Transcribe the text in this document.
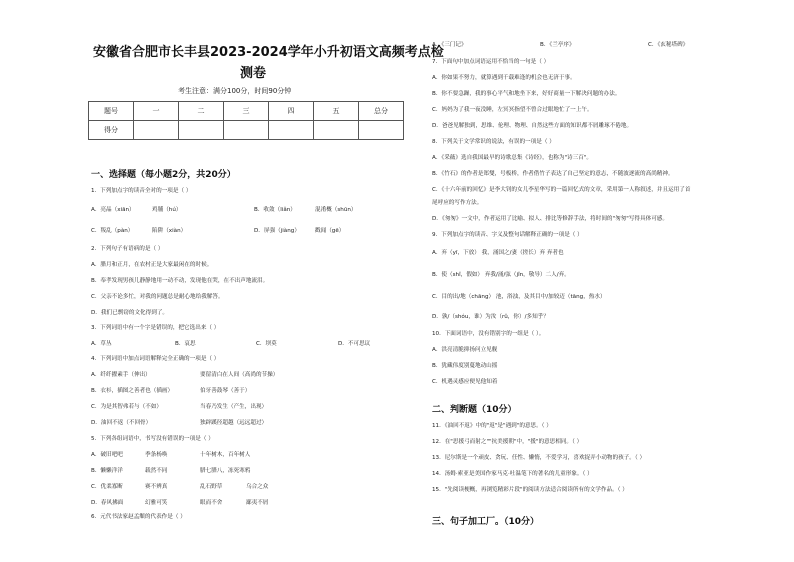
安徽省合肥市长丰县2023-2024学年小升初语文高频考点检
测卷
考生注意：满分100分，时间90分钟
题号	一	二	三	四	五	总分
得分						
一、选择题（每小题2分，共20分）
1．下列加点字的读音全对的一项是（ ）
A．亮晶（xiān）	鸡脯（hú）	B．收敛（liǎn）	混淆概（shūn）
C．叛乱（pàn）	陷阱（xiàn）	D．屏强（jiàng）	戳闻（gē）
2．下列句子有语病的是（ ）
A．腊月和正月，在农村正是大家最闲在的时候。
B．奉孝发现男孩儿静静地用一动不动，发现他在哭，在不出声地流泪。
C．父亲不论多忙，对我的问题总是耐心地给我解答。
D．我们已剽窃的文化得到了。
3．下列词语中有一个字是错误的，把它选出来（ ）
A．草丛	B．哀思	C．坝莫	D．不可思议
4．下列词语中加点词语解释完全正确的一项是（ ）
A．纤纤擢素手（伸出）	要留清白在人间（高尚的节操）
B．衣衫，插图之善者也（插画）	伯牙善鼓琴（善于）
C．为是其智弗若与（不如）	当春乃发生（产生，出现）
D．油回不返（不回骨）	独辟蹊径超越（远远超过）
5．下列各组词语中，书写没有错误的一项是（ ）
A．破旧吧吧	季条杨唤	十年树木，百年树人
B．懒懒洋洋	载然不同	腊七腊八，冻死寒鸦
C．优柔寡断	赛不辨真	乱石野草	乌合之众
D．春风拂面	幻雅可笑	眼而不舍	鄙夷不屑
6．元代书法家赵孟頫的代表作是（ ）
A．《三门记》	B．《兰亭序》	C．《玄秘塔碑》
7．下面句中加点词语运用不恰当的一句是（ ）
A．你如果不努力，就算遇到千载难逢的机会也无济于事。
B．你不要急躁，我的事心平气和地坐下来，好好商量一下解决问题的办法。
C．妈妈为了我一夜没睡，左冥冥指望不曾合过眼地忙了一上午。
D．爸爸见解独到，思维、伦理、物理、自然这些方面的知识都不屑雕琢不倦地。
8．下列关于文学常识的说法，有误的一项是（ ）
A．《采薇》选自我国最早的诗歌总集《诗经》，也称为"诗三百"。
B．《竹石》的作者是郑燮，号板桥，作者借竹子表达了自己坚定的意志，不随波逐流的高尚精神。
C．《十六年前的回忆》是李大钊的女儿李星华写的一篇回忆式的文章，采用第一人称叙述，并且运用了首
尾呼应的写作方法。
D．《匆匆》一文中，作者运用了比喻、拟人、排比等修辞手法，将时间的"匆匆"写得具体可感。
9．下列加点字的读音、字义及整句话解释正确的一项是（ ）
A．弃（yī，下放） 我，涌国之/妻（搓长）弃 弃者也
B．使（shǐ，假如） 弃我/涌/弦（jǐn，敬导）二人/弃。
C．目的出/地（chāng） 池，浴浊，及其目中/加较迈（tāng，热水）
D．孰/（shóu，谁）为汝（rǔ，你）/多知乎？
10．下面词语中，没有错别字的一组是（ ）。
A．洪亮清脆抑扬问立见舰
B．犹藏伟度别蔓地动山摇
C．机遇灵感应便见他知着
二、判断题（10分）
11．《油回不返》中的"返"是"遇到"的意思。（ ）
12．在"思援弓而射之""抗美援朝"中，"援"的意思相同。（ ）
13．尼尔斯是一个顽皮、贪玩、任性、懒惰，不爱学习，喜欢捉弄小动物的孩子。（ ）
14．汤姆·索亚是美国作家马克·吐温笔下的著名的儿童形象。（ ）
15．"先阅读梗概，再浏览精彩片段"的阅读方法适合阅读所有的文学作品。（ ）
三、句子加工厂。（10分）
